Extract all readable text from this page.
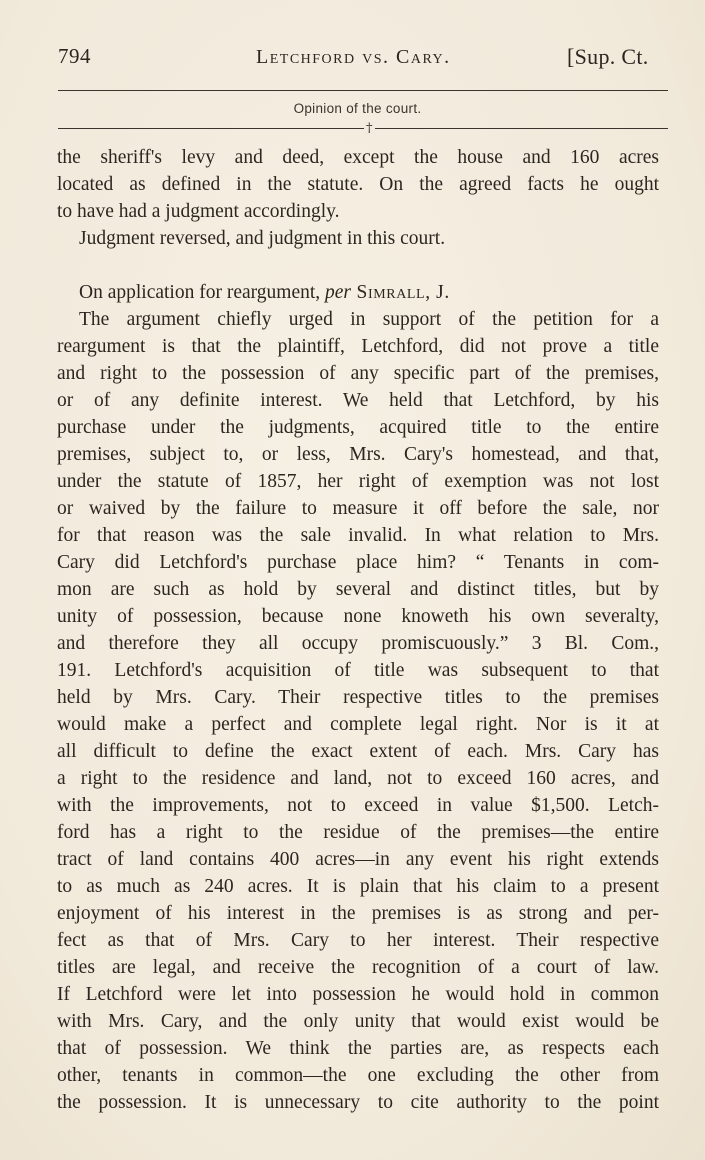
794	Letchford vs. Cary.	[Sup. Ct.
Opinion of the court.
†
the sheriff's levy and deed, except the house and 160 acres
located as defined in the statute. On the agreed facts he ought
to have had a judgment accordingly.
Judgment reversed, and judgment in this court.
On application for reargument, per Simrall, J.
The argument chiefly urged in support of the petition for a
reargument is that the plaintiff, Letchford, did not prove a title
and right to the possession of any specific part of the premises,
or of any definite interest. We held that Letchford, by his
purchase under the judgments, acquired title to the entire
premises, subject to, or less, Mrs. Cary's homestead, and that,
under the statute of 1857, her right of exemption was not lost
or waived by the failure to measure it off before the sale, nor
for that reason was the sale invalid. In what relation to Mrs.
Cary did Letchford's purchase place him? “ Tenants in com-
mon are such as hold by several and distinct titles, but by
unity of possession, because none knoweth his own severalty,
and therefore they all occupy promiscuously.” 3 Bl. Com.,
191. Letchford's acquisition of title was subsequent to that
held by Mrs. Cary. Their respective titles to the premises
would make a perfect and complete legal right. Nor is it at
all difficult to define the exact extent of each. Mrs. Cary has
a right to the residence and land, not to exceed 160 acres, and
with the improvements, not to exceed in value $1,500. Letch-
ford has a right to the residue of the premises—the entire
tract of land contains 400 acres—in any event his right extends
to as much as 240 acres. It is plain that his claim to a present
enjoyment of his interest in the premises is as strong and per-
fect as that of Mrs. Cary to her interest. Their respective
titles are legal, and receive the recognition of a court of law.
If Letchford were let into possession he would hold in common
with Mrs. Cary, and the only unity that would exist would be
that of possession. We think the parties are, as respects each
other, tenants in common—the one excluding the other from
the possession. It is unnecessary to cite authority to the point
